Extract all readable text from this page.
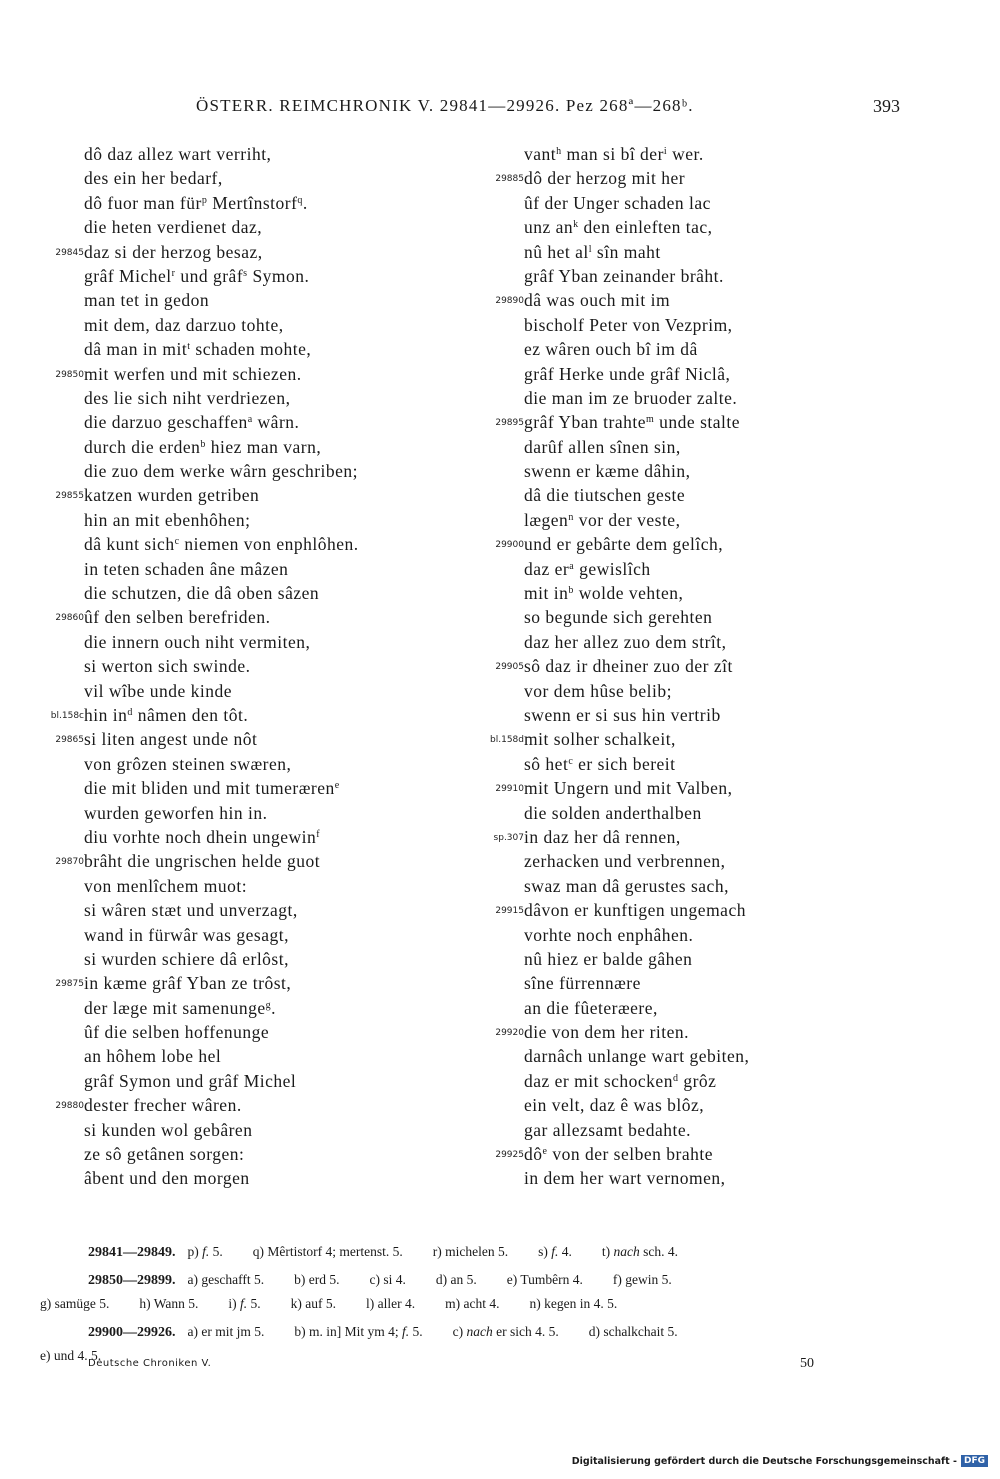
ÖSTERR. REIMCHRONIK V. 29841—29926. Pez 268ª—268ᵇ.	393
dô daz allez wart verriht,
des ein her bedarf,
dô fuor man für$^p$ Mertînstorf$^q$.
die heten verdienet daz,
29845 daz si der herzog besaz,
grâf Michel$^r$ und grâf$^s$ Symon.
man tet in gedon
mit dem, daz darzuo tohte,
dâ man in mit$^t$ schaden mohte,
29850 mit werfen und mit schiezen.
des lie sich niht verdriezen,
die darzuo geschaffen$^a$ wârn.
durch die erden$^b$ hiez man varn,
die zuo dem werke wârn geschriben;
29855 katzen wurden getriben
hin an mit ebenhôhen;
dâ kunt sich$^c$ niemen von enphlôhen.
in teten schaden âne mâzen
die schutzen, die dâ oben sâzen
29860 ûf den selben berefriden.
die innern ouch niht vermiten,
si werton sich swinde.
vil wîbe unde kinde
bl.158c hin $in^d$ nâmen den tôt.
29865 si liten angest unde nôt
von grôzen steinen swæren,
die mit bliden und mit tumeræren$^e$
wurden geworfen hin in.
diu vorhte noch dhein ungewin$^f$
29870 brâht die ungrischen helde guot
von menlîchem muot:
si wâren stæt und unverzagt,
wand in fürwâr was gesagt,
si wurden schiere dâ erlôst,
29875 in kæme grâf Yban ze trôst,
der læge mit samenunge$^g$.
ûf die selben hoffenunge
an hôhem lobe hel
grâf Symon und grâf Michel
29880 dester frecher wâren.
si kunden wol gebâren
ze sô getânen sorgen:
âbent und den morgen
vant$^h$ man si bî der$^i$ wer.
29885 dô der herzog mit her
ûf der Unger schaden lac
unz $an^k$ den einleften tac,
nû het $al^l$ sîn maht
grâf Yban zeinander brâht.
29890 dâ was ouch mit im
bischolf Peter von Vezprim,
ez wâren ouch bî im dâ
grâf Herke unde grâf Niclâ,
die man im ze bruoder zalte.
29895 grâf Yban trahte$^m$ unde stalte
darûf allen sînen sin,
swenn er kæme dâhin,
dâ die tiutschen geste
lægen$^n$ vor der veste,
29900 und er gebârte dem gelîch,
daz $er^a$ gewislîch
mit $in^b$ wolde vehten,
so begunde sich gerehten
daz her allez zuo dem strît,
29905 sô daz ir dheiner zuo der zît
vor dem hûse belib;
swenn er si sus hin vertrib
bl.158d mit solher schalkeit,
sô het$^c$ er sich bereit
29910 mit Ungern und mit Valben,
die solden anderthalben
sp.307 in daz her dâ rennen,
zerhacken und verbrennen,
swaz man dâ gerustes sach,
29915 dâvon er kunftigen ungemach
vorhte noch enphâhen.
nû hiez er balde gâhen
sîne fürrennære
an die fûeteræere,
29920 die von dem her riten.
darnâch unlange wart gebiten,
daz er mit schocken$^d$ grôz
ein velt, daz ê was blôz,
gar allezsamt bedahte.
29925 $dô^e$ von der selben brahte
in dem her wart vernomen,
29841—29849. p) f. 5. q) Mêrtistorf 4; mertenst. 5. r) michelen 5. s) f. 4. t) nach sch. 4.
29850—29899. a) geschafft 5. b) erd 5. c) si 4. d) an 5. e) Tumbêrn 4. f) gewin 5.
g) samüge 5. h) Wann 5. i) f. 5. k) auf 5. l) aller 4. m) acht 4. n) kegen in 4. 5.
29900—29926. a) er mit jm 5. b) m. in] Mit ym 4; f. 5. c) nach er sich 4. 5. d) schalkchait 5.
e) und 4. 5.
Deutsche Chroniken V.	50
Digitalisierung gefördert durch die Deutsche Forschungsgemeinschaft - DFG
